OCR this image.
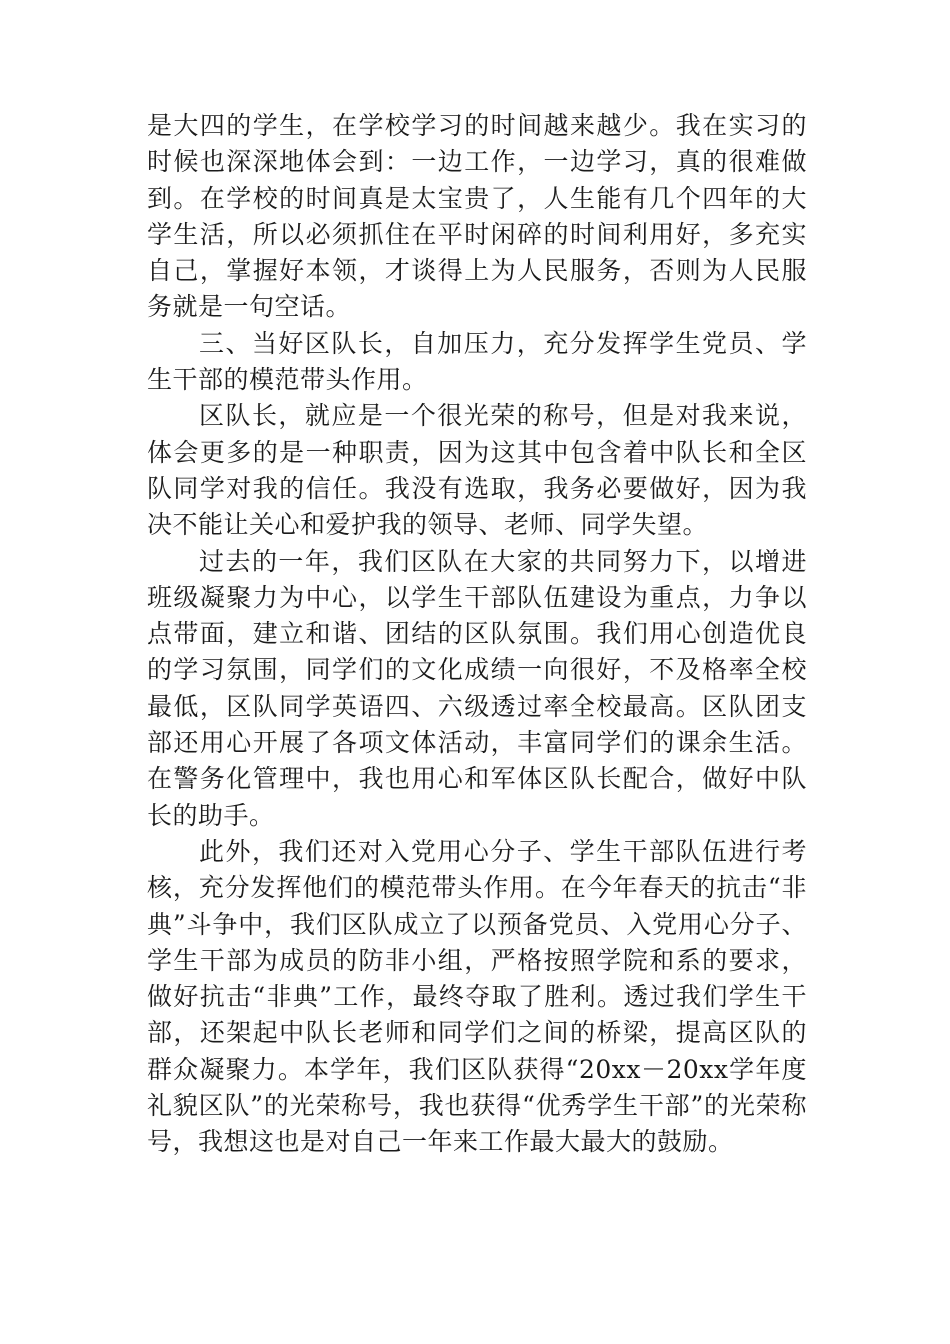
是大四的学生，在学校学习的时间越来越少。我在实习的时候也深深地体会到：一边工作，一边学习，真的很难做到。在学校的时间真是太宝贵了，人生能有几个四年的大学生活，所以必须抓住在平时闲碎的时间利用好，多充实自己，掌握好本领，才谈得上为人民服务，否则为人民服务就是一句空话。

三、当好区队长，自加压力，充分发挥学生党员、学生干部的模范带头作用。

区队长，就应是一个很光荣的称号，但是对我来说，体会更多的是一种职责，因为这其中包含着中队长和全区队同学对我的信任。我没有选取，我务必要做好，因为我决不能让关心和爱护我的领导、老师、同学失望。

过去的一年，我们区队在大家的共同努力下，以增进班级凝聚力为中心，以学生干部队伍建设为重点，力争以点带面，建立和谐、团结的区队氛围。我们用心创造优良的学习氛围，同学们的文化成绩一向很好，不及格率全校最低，区队同学英语四、六级透过率全校最高。区队团支部还用心开展了各项文体活动，丰富同学们的课余生活。在警务化管理中，我也用心和军体区队长配合，做好中队长的助手。

此外，我们还对入党用心分子、学生干部队伍进行考核，充分发挥他们的模范带头作用。在今年春天的抗击“非典”斗争中，我们区队成立了以预备党员、入党用心分子、学生干部为成员的防非小组，严格按照学院和系的要求，做好抗击“非典”工作，最终夺取了胜利。透过我们学生干部，还架起中队长老师和同学们之间的桥梁，提高区队的群众凝聚力。本学年，我们区队获得“20xx－20xx学年度礼貌区队”的光荣称号，我也获得“优秀学生干部”的光荣称号，我想这也是对自己一年来工作最大最大的鼓励。
